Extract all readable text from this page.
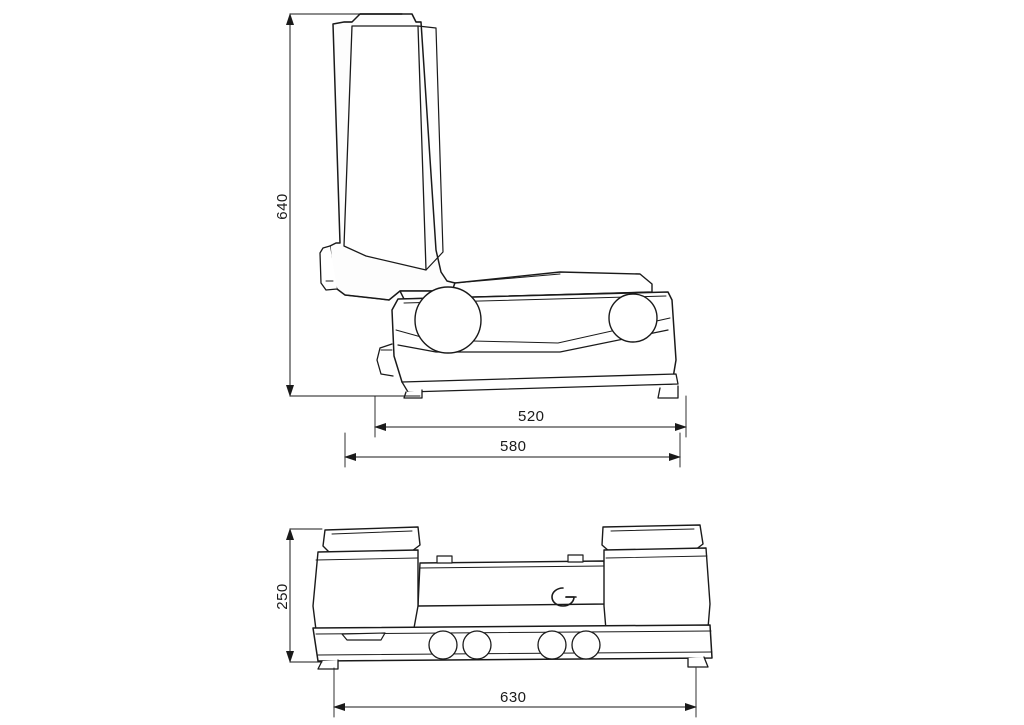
640
520
580
250
630
